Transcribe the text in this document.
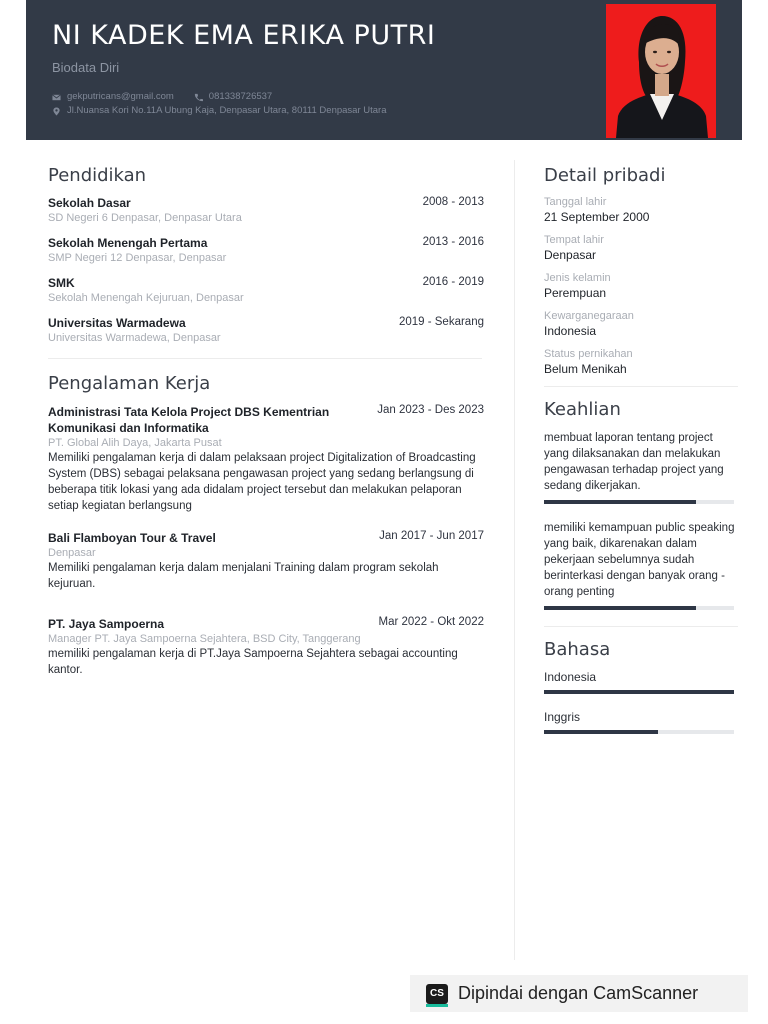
NI KADEK EMA ERIKA PUTRI
Biodata Diri
gekputricans@gmail.com	081338726537
Jl.Nuansa Kori No.11A Ubung Kaja, Denpasar Utara, 80111 Denpasar Utara
Pendidikan
Sekolah Dasar	2008 - 2013
SD Negeri 6 Denpasar, Denpasar Utara
Sekolah Menengah Pertama	2013 - 2016
SMP Negeri 12 Denpasar, Denpasar
SMK	2016 - 2019
Sekolah Menengah Kejuruan, Denpasar
Universitas Warmadewa	2019 - Sekarang
Universitas Warmadewa, Denpasar
Pengalaman Kerja
Administrasi Tata Kelola Project DBS Kementrian Komunikasi dan Informatika
Jan 2023 - Des 2023
PT. Global Alih Daya, Jakarta Pusat
Memiliki pengalaman kerja di dalam pelaksaan project Digitalization of Broadcasting System (DBS) sebagai pelaksana pengawasan project yang sedang berlangsung di beberapa titik lokasi yang ada didalam project tersebut dan melakukan pelaporan setiap kegiatan berlangsung
Bali Flamboyan Tour & Travel	Jan 2017 - Jun 2017
Denpasar
Memiliki pengalaman kerja dalam menjalani Training dalam program sekolah kejuruan.
PT. Jaya Sampoerna	Mar 2022 - Okt 2022
Manager PT. Jaya Sampoerna Sejahtera, BSD City, Tanggerang
memiliki pengalaman kerja di PT.Jaya Sampoerna Sejahtera sebagai accounting kantor.
Detail pribadi
Tanggal lahir
21 September 2000
Tempat lahir
Denpasar
Jenis kelamin
Perempuan
Kewarganegaraan
Indonesia
Status pernikahan
Belum Menikah
Keahlian
membuat laporan tentang project yang dilaksanakan dan melakukan pengawasan terhadap project yang sedang dikerjakan.
memiliki kemampuan public speaking yang baik, dikarenakan dalam pekerjaan sebelumnya sudah berinterkasi dengan banyak orang - orang penting
Bahasa
Indonesia
Inggris
CS Dipindai dengan CamScanner
